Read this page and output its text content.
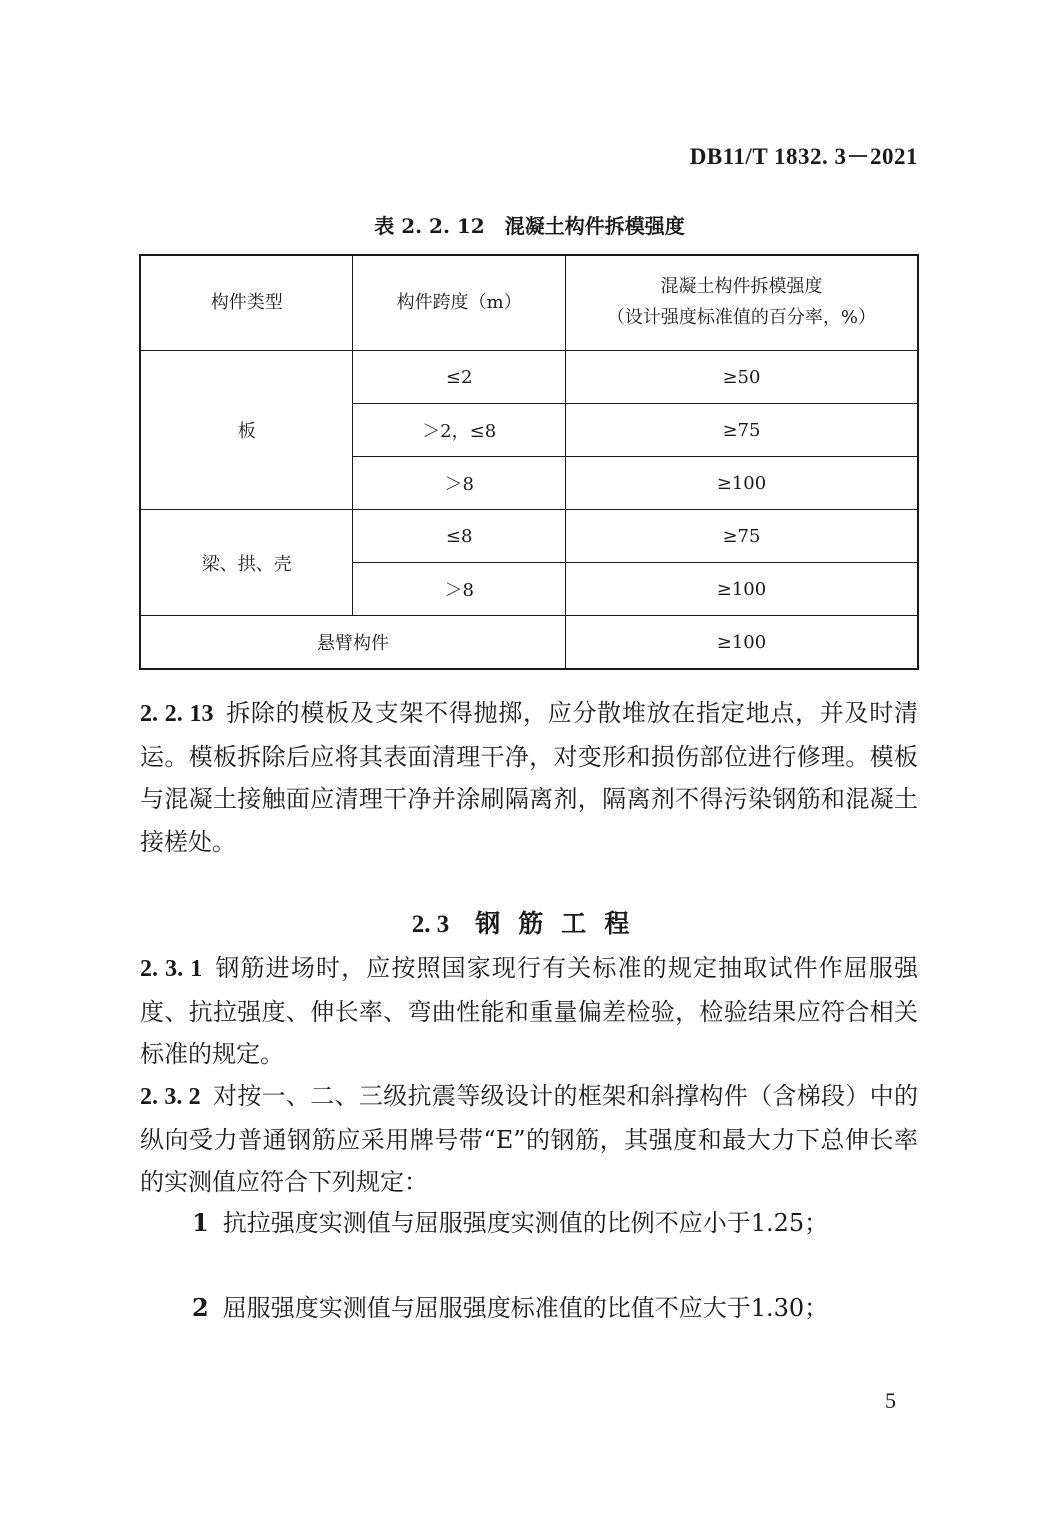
DB11/T 1832. 3－2021
表 2. 2. 12　混凝土构件拆模强度
构件类型	构件跨度（m）	混凝土构件拆模强度
（设计强度标准值的百分率，%）

板	≤2	≥50
	＞2，≤8	≥75
	＞8	≥100
梁、拱、壳	≤8	≥75
	＞8	≥100
悬臂构件		≥100

2. 2. 13 拆除的模板及支架不得抛掷，应分散堆放在指定地点，并及时清运。模板拆除后应将其表面清理干净，对变形和损伤部位进行修理。模板与混凝土接触面应清理干净并涂刷隔离剂，隔离剂不得污染钢筋和混凝土接槎处。

2. 3 钢筋工程

2. 3. 1 钢筋进场时，应按照国家现行有关标准的规定抽取试件作屈服强度、抗拉强度、伸长率、弯曲性能和重量偏差检验，检验结果应符合相关标准的规定。

2. 3. 2 对按一、二、三级抗震等级设计的框架和斜撑构件（含梯段）中的纵向受力普通钢筋应采用牌号带“E”的钢筋，其强度和最大力下总伸长率的实测值应符合下列规定：

1 抗拉强度实测值与屈服强度实测值的比例不应小于1.25；

2 屈服强度实测值与屈服强度标准值的比值不应大于1.30；

5
